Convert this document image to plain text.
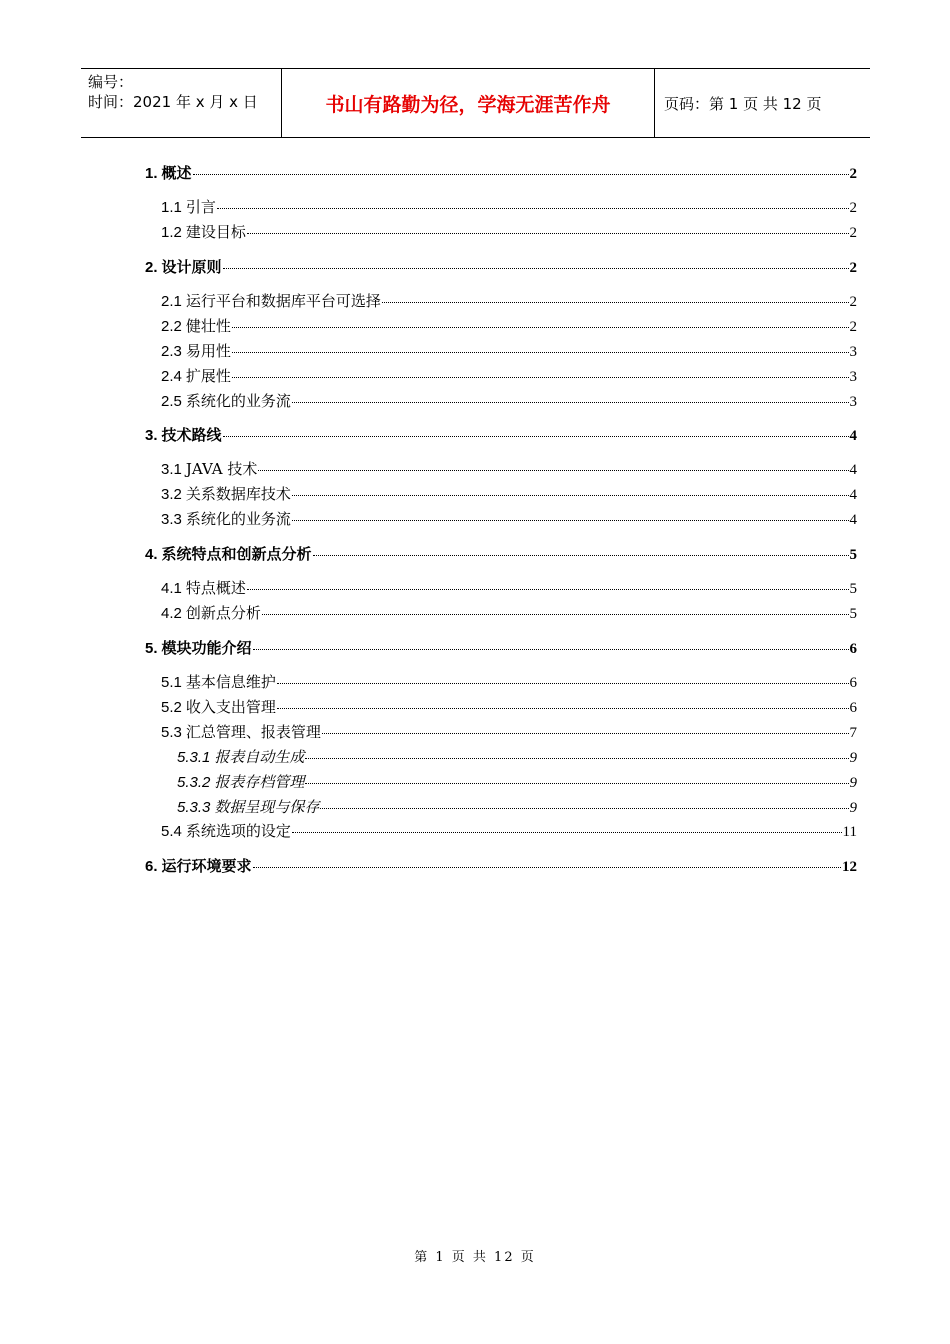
编号：
时间：2021 年 x 月 x 日	书山有路勤为径，学海无涯苦作舟	页码：第 1 页 共 12 页
1. 概述	2
1.1 引言	2
1.2 建设目标	2
2. 设计原则	2
2.1 运行平台和数据库平台可选择	2
2.2 健壮性	2
2.3 易用性	3
2.4 扩展性	3
2.5 系统化的业务流	3
3. 技术路线	4
3.1 JAVA 技术	4
3.2 关系数据库技术	4
3.3 系统化的业务流	4
4. 系统特点和创新点分析	5
4.1 特点概述	5
4.2 创新点分析	5
5. 模块功能介绍	6
5.1 基本信息维护	6
5.2 收入支出管理	6
5.3 汇总管理、报表管理	7
5.3.1 报表自动生成	9
5.3.2 报表存档管理	9
5.3.3 数据呈现与保存	9
5.4 系统选项的设定	11
6. 运行环境要求	12
第 1 页 共 12 页
